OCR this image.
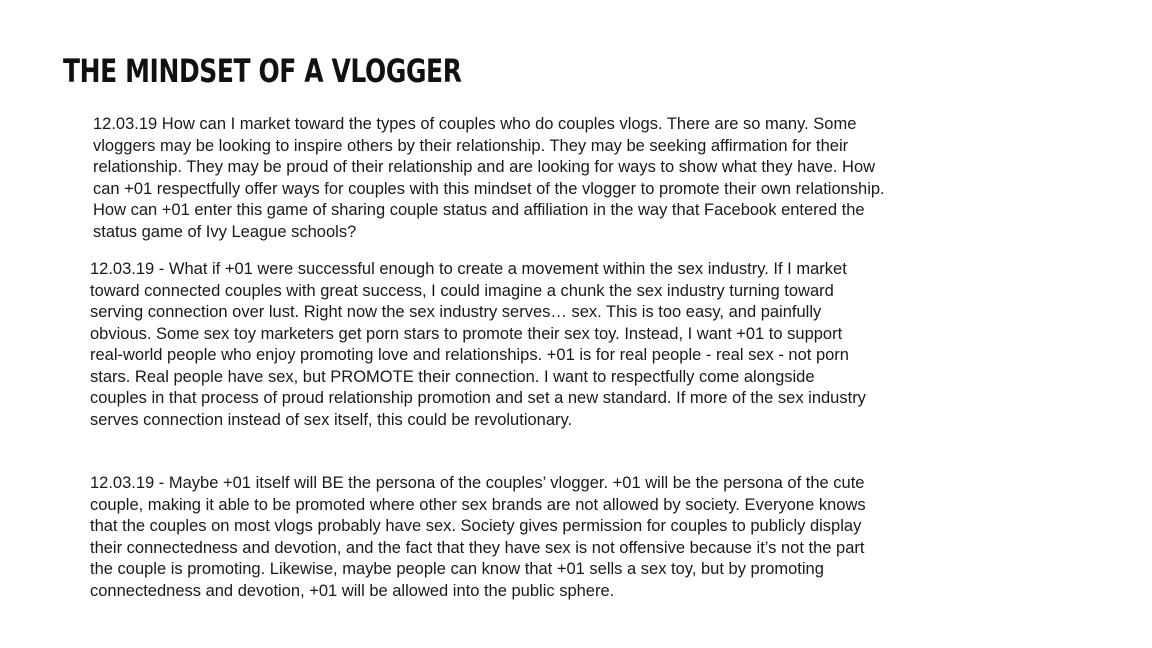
THE MINDSET OF A VLOGGER

12.03.19 How can I market toward the types of couples who do couples vlogs. There are so many. Some vloggers may be looking to inspire others by their relationship. They may be seeking affirmation for their relationship. They may be proud of their relationship and are looking for ways to show what they have. How can +01 respectfully offer ways for couples with this mindset of the vlogger to promote their own relationship. How can +01 enter this game of sharing couple status and affiliation in the way that Facebook entered the status game of Ivy League schools?

12.03.19 - What if +01 were successful enough to create a movement within the sex industry. If I market toward connected couples with great success, I could imagine a chunk the sex industry turning toward serving connection over lust. Right now the sex industry serves… sex. This is too easy, and painfully obvious. Some sex toy marketers get porn stars to promote their sex toy. Instead, I want +01 to support real-world people who enjoy promoting love and relationships. +01 is for real people - real sex - not porn stars. Real people have sex, but PROMOTE their connection. I want to respectfully come alongside couples in that process of proud relationship promotion and set a new standard. If more of the sex industry serves connection instead of sex itself, this could be revolutionary.

12.03.19 - Maybe +01 itself will BE the persona of the couples’ vlogger. +01 will be the persona of the cute couple, making it able to be promoted where other sex brands are not allowed by society. Everyone knows that the couples on most vlogs probably have sex. Society gives permission for couples to publicly display their connectedness and devotion, and the fact that they have sex is not offensive because it’s not the part the couple is promoting. Likewise, maybe people can know that +01 sells a sex toy, but by promoting connectedness and devotion, +01 will be allowed into the public sphere.
